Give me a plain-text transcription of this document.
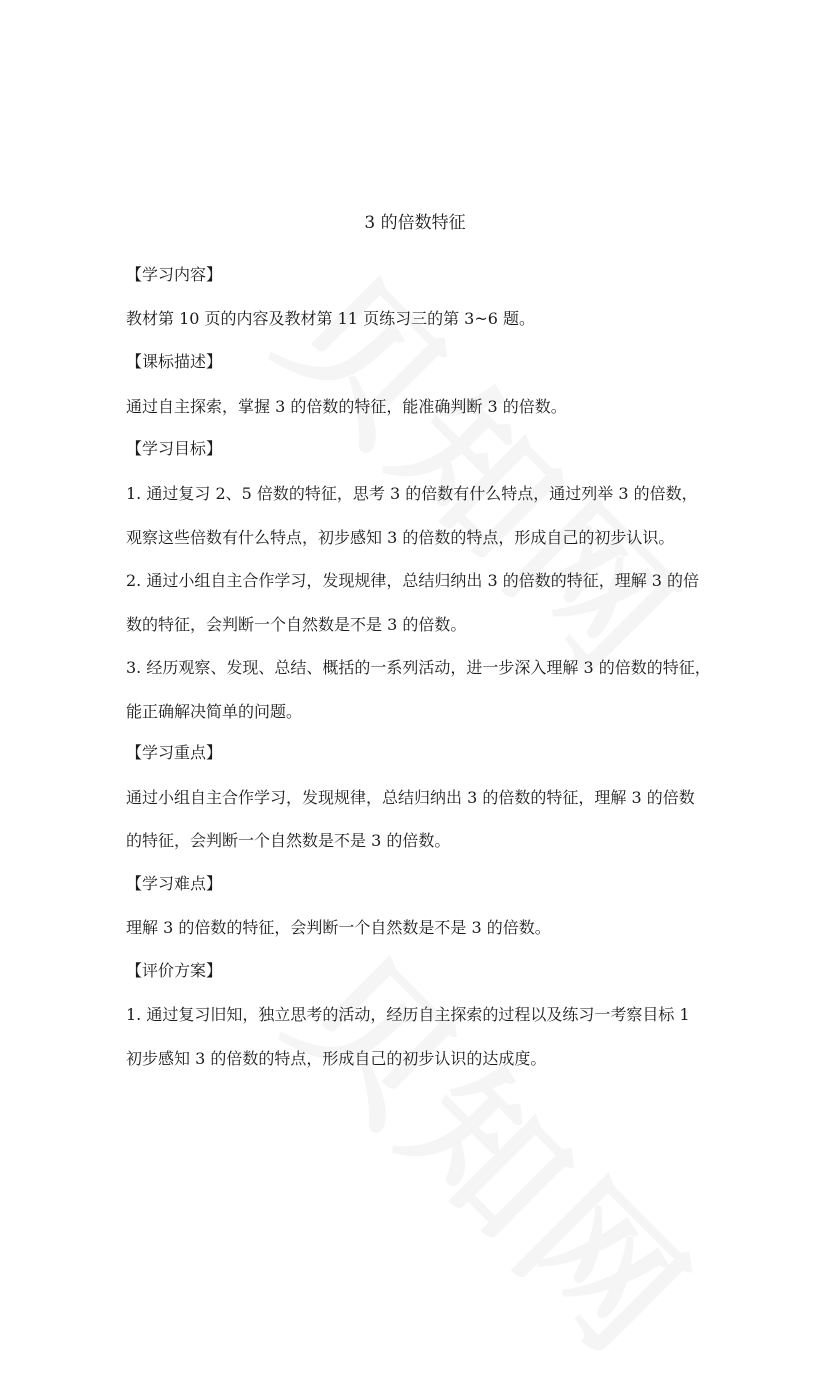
3 的倍数特征
【学习内容】
教材第 10 页的内容及教材第 11 页练习三的第 3~6 题。
【课标描述】
通过自主探索，掌握 3 的倍数的特征，能准确判断 3 的倍数。
【学习目标】
1. 通过复习 2、5 倍数的特征，思考 3 的倍数有什么特点，通过列举 3 的倍数，
观察这些倍数有什么特点，初步感知 3 的倍数的特点，形成自己的初步认识。
2. 通过小组自主合作学习，发现规律，总结归纳出 3 的倍数的特征，理解 3 的倍
数的特征，会判断一个自然数是不是 3 的倍数。
3. 经历观察、发现、总结、概括的一系列活动，进一步深入理解 3 的倍数的特征，
能正确解决简单的问题。
【学习重点】
通过小组自主合作学习，发现规律，总结归纳出 3 的倍数的特征，理解 3 的倍数
的特征，会判断一个自然数是不是 3 的倍数。
【学习难点】
理解 3 的倍数的特征，会判断一个自然数是不是 3 的倍数。
【评价方案】
1. 通过复习旧知，独立思考的活动，经历自主探索的过程以及练习一考察目标 1
初步感知 3 的倍数的特点，形成自己的初步认识的达成度。
